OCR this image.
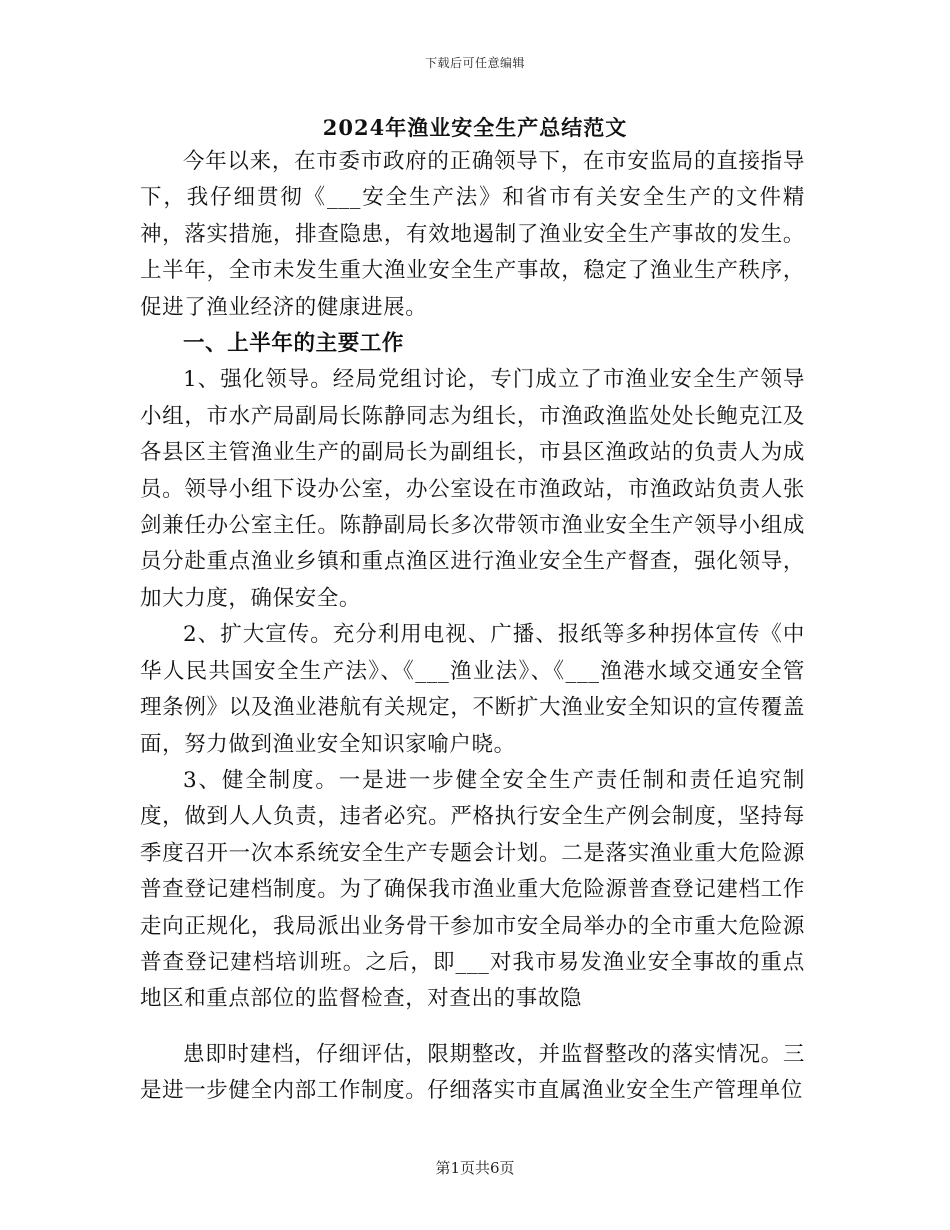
下载后可任意编辑
2024年渔业安全生产总结范文

今年以来，在市委市政府的正确领导下，在市安监局的直接指导下，我仔细贯彻《___安全生产法》和省市有关安全生产的文件精神，落实措施，排查隐患，有效地遏制了渔业安全生产事故的发生。上半年，全市未发生重大渔业安全生产事故，稳定了渔业生产秩序，促进了渔业经济的健康进展。

一、上半年的主要工作

1、强化领导。经局党组讨论，专门成立了市渔业安全生产领导小组，市水产局副局长陈静同志为组长，市渔政渔监处处长鲍克江及各县区主管渔业生产的副局长为副组长，市县区渔政站的负责人为成员。领导小组下设办公室，办公室设在市渔政站，市渔政站负责人张剑兼任办公室主任。陈静副局长多次带领市渔业安全生产领导小组成员分赴重点渔业乡镇和重点渔区进行渔业安全生产督查，强化领导，加大力度，确保安全。

2、扩大宣传。充分利用电视、广播、报纸等多种拐体宣传《中华人民共国安全生产法》、《___渔业法》、《___渔港水域交通安全管理条例》以及渔业港航有关规定，不断扩大渔业安全知识的宣传覆盖面，努力做到渔业安全知识家喻户晓。

3、健全制度。一是进一步健全安全生产责任制和责任追究制度，做到人人负责，违者必究。严格执行安全生产例会制度，坚持每季度召开一次本系统安全生产专题会计划。二是落实渔业重大危险源普查登记建档制度。为了确保我市渔业重大危险源普查登记建档工作走向正规化，我局派出业务骨干参加市安全局举办的全市重大危险源普查登记建档培训班。之后，即___对我市易发渔业安全事故的重点地区和重点部位的监督检查，对查出的事故隐

患即时建档，仔细评估，限期整改，并监督整改的落实情况。三是进一步健全内部工作制度。仔细落实市直属渔业安全生产管理单位

第1页共6页
